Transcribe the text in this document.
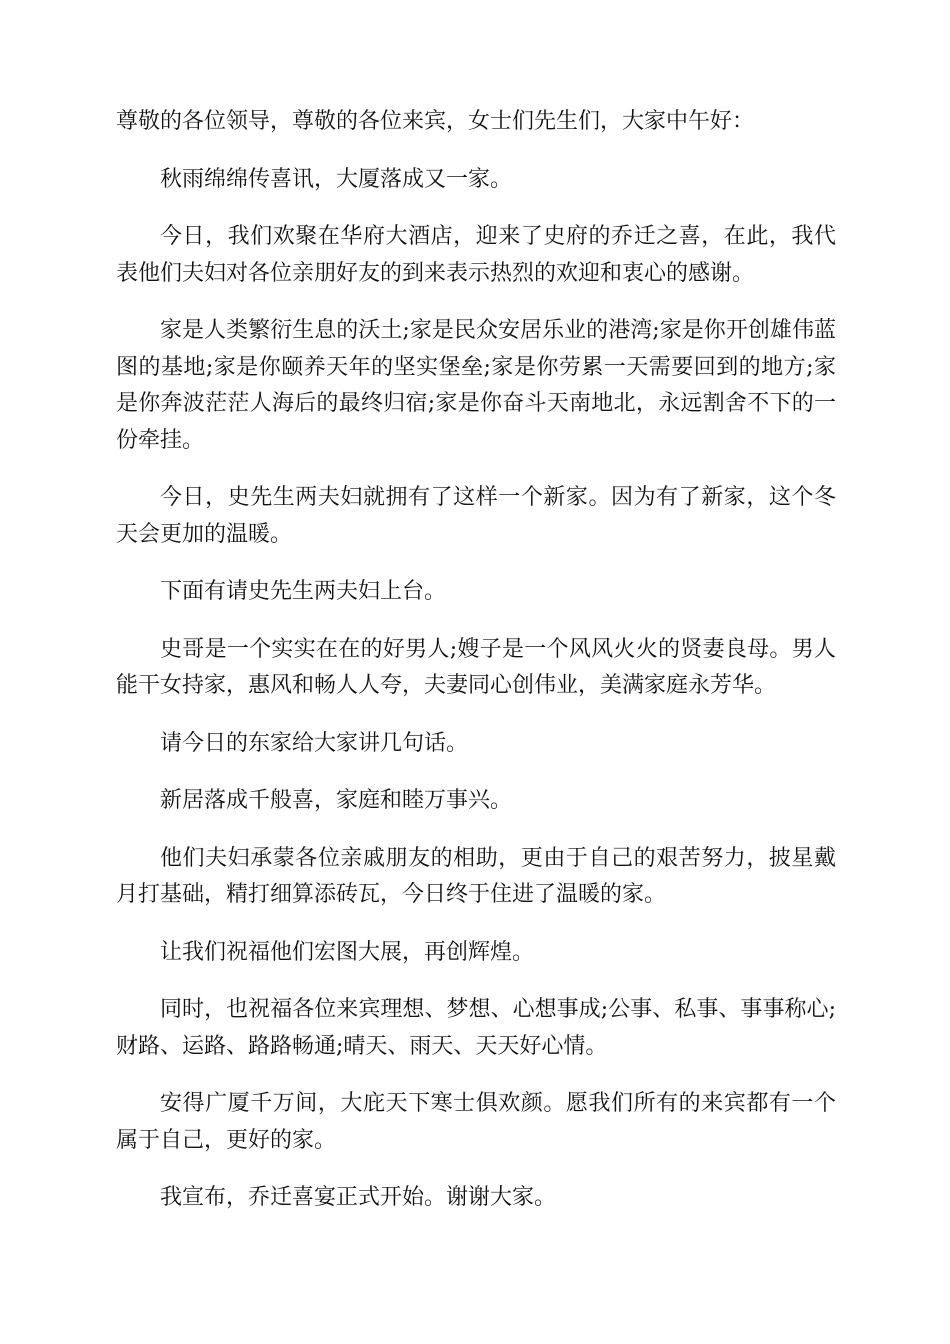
尊敬的各位领导，尊敬的各位来宾，女士们先生们，大家中午好：

秋雨绵绵传喜讯，大厦落成又一家。

今日，我们欢聚在华府大酒店，迎来了史府的乔迁之喜，在此，我代表他们夫妇对各位亲朋好友的到来表示热烈的欢迎和衷心的感谢。

家是人类繁衍生息的沃土;家是民众安居乐业的港湾;家是你开创雄伟蓝图的基地;家是你颐养天年的坚实堡垒;家是你劳累一天需要回到的地方;家是你奔波茫茫人海后的最终归宿;家是你奋斗天南地北，永远割舍不下的一份牵挂。

今日，史先生两夫妇就拥有了这样一个新家。因为有了新家，这个冬天会更加的温暖。

下面有请史先生两夫妇上台。

史哥是一个实实在在的好男人;嫂子是一个风风火火的贤妻良母。男人能干女持家，惠风和畅人人夸，夫妻同心创伟业，美满家庭永芳华。

请今日的东家给大家讲几句话。

新居落成千般喜，家庭和睦万事兴。

他们夫妇承蒙各位亲戚朋友的相助，更由于自己的艰苦努力，披星戴月打基础，精打细算添砖瓦，今日终于住进了温暖的家。

让我们祝福他们宏图大展，再创辉煌。

同时，也祝福各位来宾理想、梦想、心想事成;公事、私事、事事称心;财路、运路、路路畅通;晴天、雨天、天天好心情。

安得广厦千万间，大庇天下寒士俱欢颜。愿我们所有的来宾都有一个属于自己，更好的家。

我宣布，乔迁喜宴正式开始。谢谢大家。
